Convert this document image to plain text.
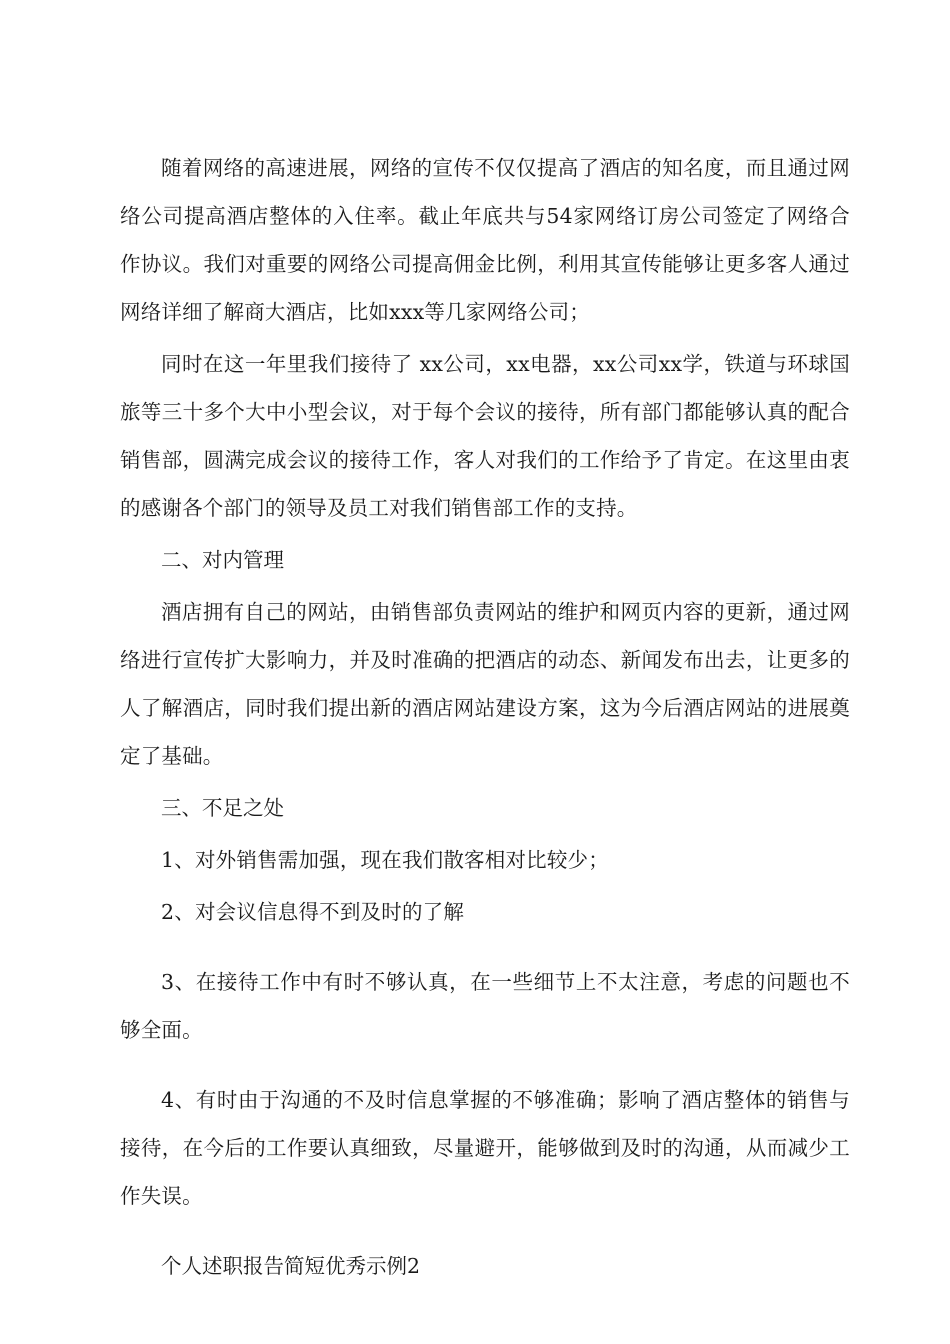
随着网络的高速进展，网络的宣传不仅仅提高了酒店的知名度，而且通过网络公司提高酒店整体的入住率。截止年底共与54家网络订房公司签定了网络合作协议。我们对重要的网络公司提高佣金比例，利用其宣传能够让更多客人通过网络详细了解商大酒店，比如xxx等几家网络公司；

同时在这一年里我们接待了 xx公司，xx电器，xx公司xx学，铁道与环球国旅等三十多个大中小型会议，对于每个会议的接待，所有部门都能够认真的配合销售部，圆满完成会议的接待工作，客人对我们的工作给予了肯定。在这里由衷的感谢各个部门的领导及员工对我们销售部工作的支持。

二、对内管理

酒店拥有自己的网站，由销售部负责网站的维护和网页内容的更新，通过网络进行宣传扩大影响力，并及时准确的把酒店的动态、新闻发布出去，让更多的人了解酒店，同时我们提出新的酒店网站建设方案，这为今后酒店网站的进展奠定了基础。

三、不足之处

1、对外销售需加强，现在我们散客相对比较少；

2、对会议信息得不到及时的了解

3、在接待工作中有时不够认真，在一些细节上不太注意，考虑的问题也不够全面。

4、有时由于沟通的不及时信息掌握的不够准确；影响了酒店整体的销售与接待，在今后的工作要认真细致，尽量避开，能够做到及时的沟通，从而减少工作失误。

个人述职报告简短优秀示例2
